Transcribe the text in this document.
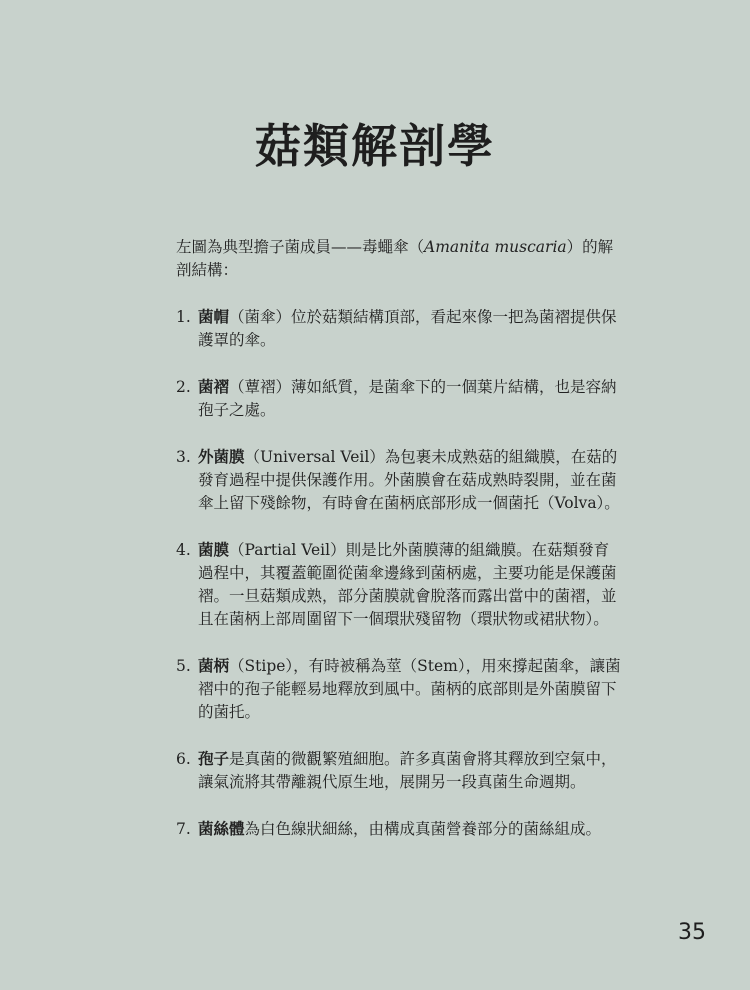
菇類解剖學

左圖為典型擔子菌成員——毒蠅傘（Amanita muscaria）的解剖結構：

1. 菌帽（菌傘）位於菇類結構頂部，看起來像一把為菌褶提供保護罩的傘。
2. 菌褶（蕈褶）薄如紙質，是菌傘下的一個葉片結構，也是容納孢子之處。
3. 外菌膜（Universal Veil）為包裹未成熟菇的組織膜，在菇的發育過程中提供保護作用。外菌膜會在菇成熟時裂開，並在菌傘上留下殘餘物，有時會在菌柄底部形成一個菌托（Volva）。
4. 菌膜（Partial Veil）則是比外菌膜薄的組織膜。在菇類發育過程中，其覆蓋範圍從菌傘邊緣到菌柄處，主要功能是保護菌褶。一旦菇類成熟，部分菌膜就會脫落而露出當中的菌褶，並且在菌柄上部周圍留下一個環狀殘留物（環狀物或裙狀物）。
5. 菌柄（Stipe），有時被稱為莖（Stem），用來撐起菌傘，讓菌褶中的孢子能輕易地釋放到風中。菌柄的底部則是外菌膜留下的菌托。
6. 孢子是真菌的微觀繁殖細胞。許多真菌會將其釋放到空氣中，讓氣流將其帶離親代原生地，展開另一段真菌生命週期。
7. 菌絲體為白色線狀細絲，由構成真菌營養部分的菌絲組成。
35
